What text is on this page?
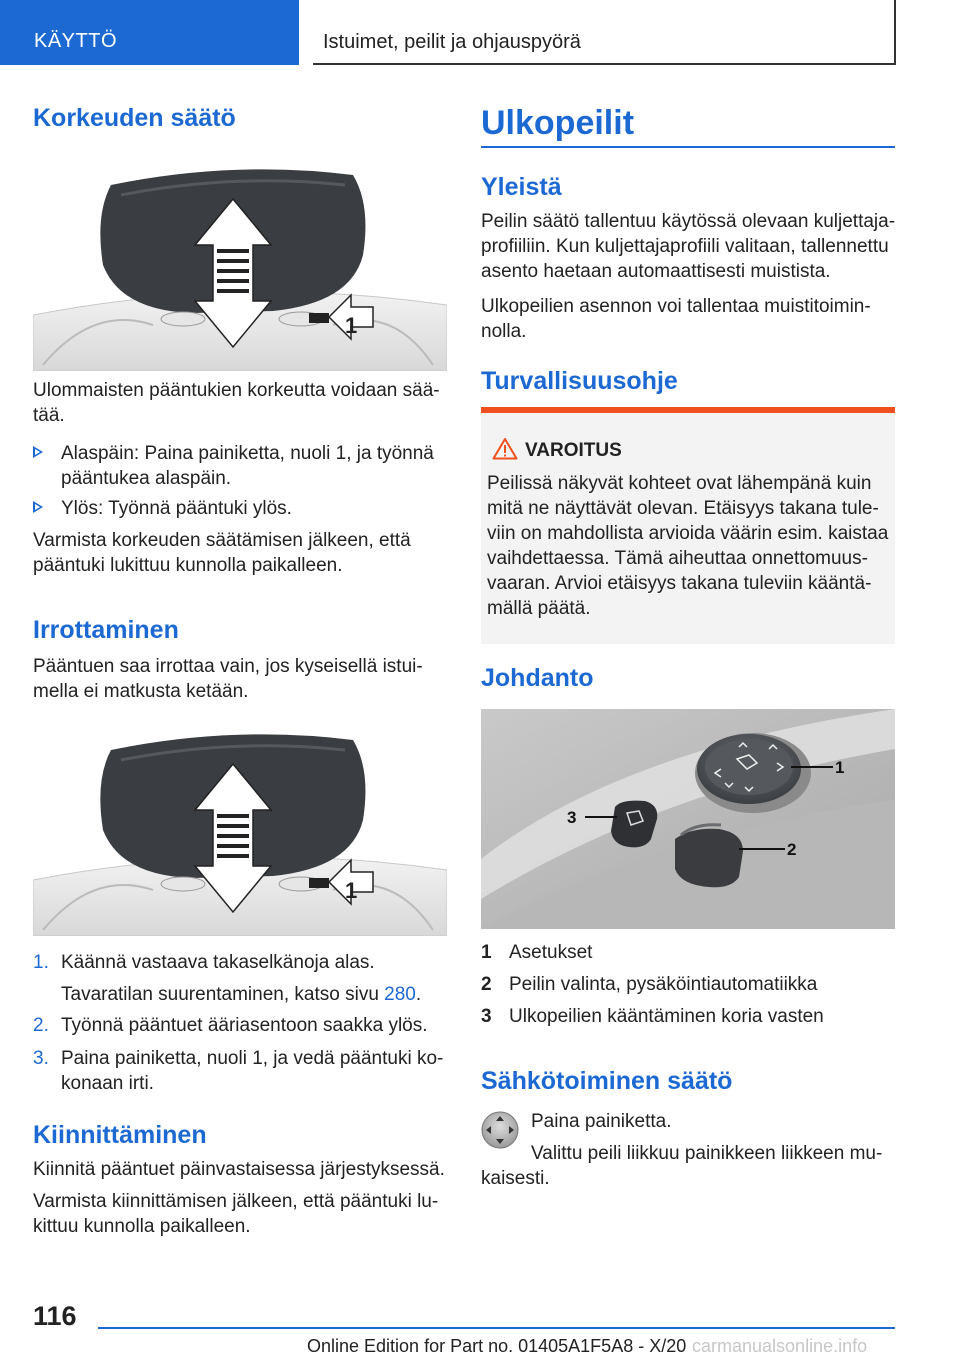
KÄYTTÖ	Istuimet, peilit ja ohjauspyörä
Korkeuden säätö
1
Ulommaisten pääntukien korkeutta voidaan sää-
tää.
Alaspäin: Paina painiketta, nuoli 1, ja työnnä
pääntukea alaspäin.
Ylös: Työnnä pääntuki ylös.
Varmista korkeuden säätämisen jälkeen, että
pääntuki lukittuu kunnolla paikalleen.
Irrottaminen
Pääntuen saa irrottaa vain, jos kyseisellä istui-
mella ei matkusta ketään.
1
1. Käännä vastaava takaselkänoja alas.
Tavaratilan suurentaminen, katso sivu 280.
2. Työnnä pääntuet ääriasentoon saakka ylös.
3. Paina painiketta, nuoli 1, ja vedä pääntuki ko-
konaan irti.
Kiinnittäminen
Kiinnitä pääntuet päinvastaisessa järjestyksessä.
Varmista kiinnittämisen jälkeen, että pääntuki lu-
kittuu kunnolla paikalleen.
Ulkopeilit
Yleistä
Peilin säätö tallentuu käytössä olevaan kuljettaja-
profiiliin. Kun kuljettajaprofiili valitaan, tallennettu
asento haetaan automaattisesti muistista.
Ulkopeilien asennon voi tallentaa muistitoimin-
nolla.
Turvallisuusohje
VAROITUS
Peilissä näkyvät kohteet ovat lähempänä kuin
mitä ne näyttävät olevan. Etäisyys takana tule-
viin on mahdollista arvioida väärin esim. kaistaa
vaihdettaessa. Tämä aiheuttaa onnettomuus-
vaaran. Arvioi etäisyys takana tuleviin kääntä-
mällä päätä.
Johdanto
1
3
2
1 Asetukset
2 Peilin valinta, pysäköintiautomatiikka
3 Ulkopeilien kääntäminen koria vasten
Sähkötoiminen säätö
Paina painiketta.
Valittu peili liikkuu painikkeen liikkeen mu-
kaisesti.
116
Online Edition for Part no. 01405A1F5A8 - X/20 carmanualsonline.info
